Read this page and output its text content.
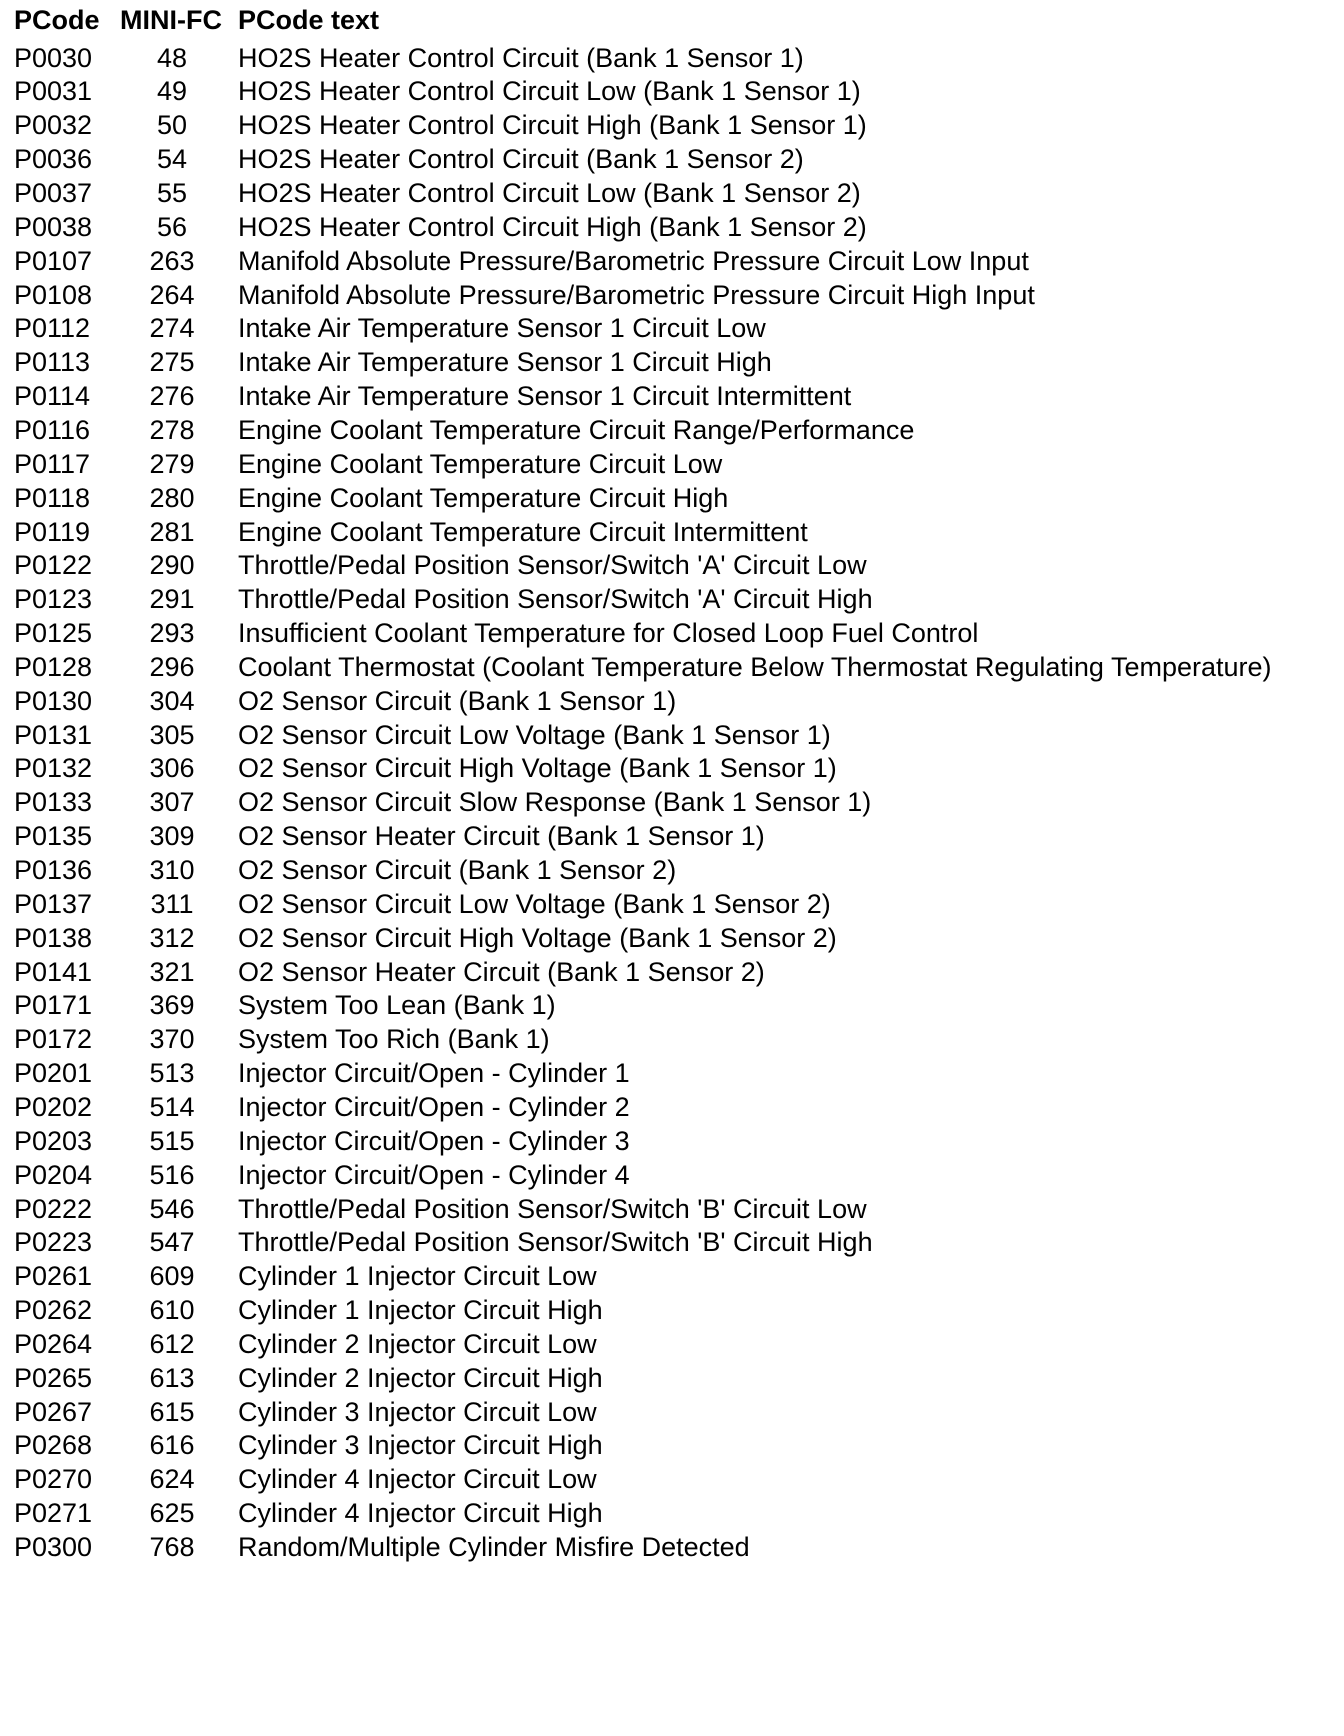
PCode MINI-FC PCode text
P0030	48	HO2S Heater Control Circuit (Bank 1 Sensor 1)
P0031	49	HO2S Heater Control Circuit Low (Bank 1 Sensor 1)
P0032	50	HO2S Heater Control Circuit High (Bank 1 Sensor 1)
P0036	54	HO2S Heater Control Circuit (Bank 1 Sensor 2)
P0037	55	HO2S Heater Control Circuit Low (Bank 1 Sensor 2)
P0038	56	HO2S Heater Control Circuit High (Bank 1 Sensor 2)
P0107	263	Manifold Absolute Pressure/Barometric Pressure Circuit Low Input
P0108	264	Manifold Absolute Pressure/Barometric Pressure Circuit High Input
P0112	274	Intake Air Temperature Sensor 1 Circuit Low
P0113	275	Intake Air Temperature Sensor 1 Circuit High
P0114	276	Intake Air Temperature Sensor 1 Circuit Intermittent
P0116	278	Engine Coolant Temperature Circuit Range/Performance
P0117	279	Engine Coolant Temperature Circuit Low
P0118	280	Engine Coolant Temperature Circuit High
P0119	281	Engine Coolant Temperature Circuit Intermittent
P0122	290	Throttle/Pedal Position Sensor/Switch 'A' Circuit Low
P0123	291	Throttle/Pedal Position Sensor/Switch 'A' Circuit High
P0125	293	Insufficient Coolant Temperature for Closed Loop Fuel Control
P0128	296	Coolant Thermostat (Coolant Temperature Below Thermostat Regulating Temperature)
P0130	304	O2 Sensor Circuit (Bank 1 Sensor 1)
P0131	305	O2 Sensor Circuit Low Voltage (Bank 1 Sensor 1)
P0132	306	O2 Sensor Circuit High Voltage (Bank 1 Sensor 1)
P0133	307	O2 Sensor Circuit Slow Response (Bank 1 Sensor 1)
P0135	309	O2 Sensor Heater Circuit (Bank 1 Sensor 1)
P0136	310	O2 Sensor Circuit (Bank 1 Sensor 2)
P0137	311	O2 Sensor Circuit Low Voltage (Bank 1 Sensor 2)
P0138	312	O2 Sensor Circuit High Voltage (Bank 1 Sensor 2)
P0141	321	O2 Sensor Heater Circuit (Bank 1 Sensor 2)
P0171	369	System Too Lean (Bank 1)
P0172	370	System Too Rich (Bank 1)
P0201	513	Injector Circuit/Open - Cylinder 1
P0202	514	Injector Circuit/Open - Cylinder 2
P0203	515	Injector Circuit/Open - Cylinder 3
P0204	516	Injector Circuit/Open - Cylinder 4
P0222	546	Throttle/Pedal Position Sensor/Switch 'B' Circuit Low
P0223	547	Throttle/Pedal Position Sensor/Switch 'B' Circuit High
P0261	609	Cylinder 1 Injector Circuit Low
P0262	610	Cylinder 1 Injector Circuit High
P0264	612	Cylinder 2 Injector Circuit Low
P0265	613	Cylinder 2 Injector Circuit High
P0267	615	Cylinder 3 Injector Circuit Low
P0268	616	Cylinder 3 Injector Circuit High
P0270	624	Cylinder 4 Injector Circuit Low
P0271	625	Cylinder 4 Injector Circuit High
P0300	768	Random/Multiple Cylinder Misfire Detected
